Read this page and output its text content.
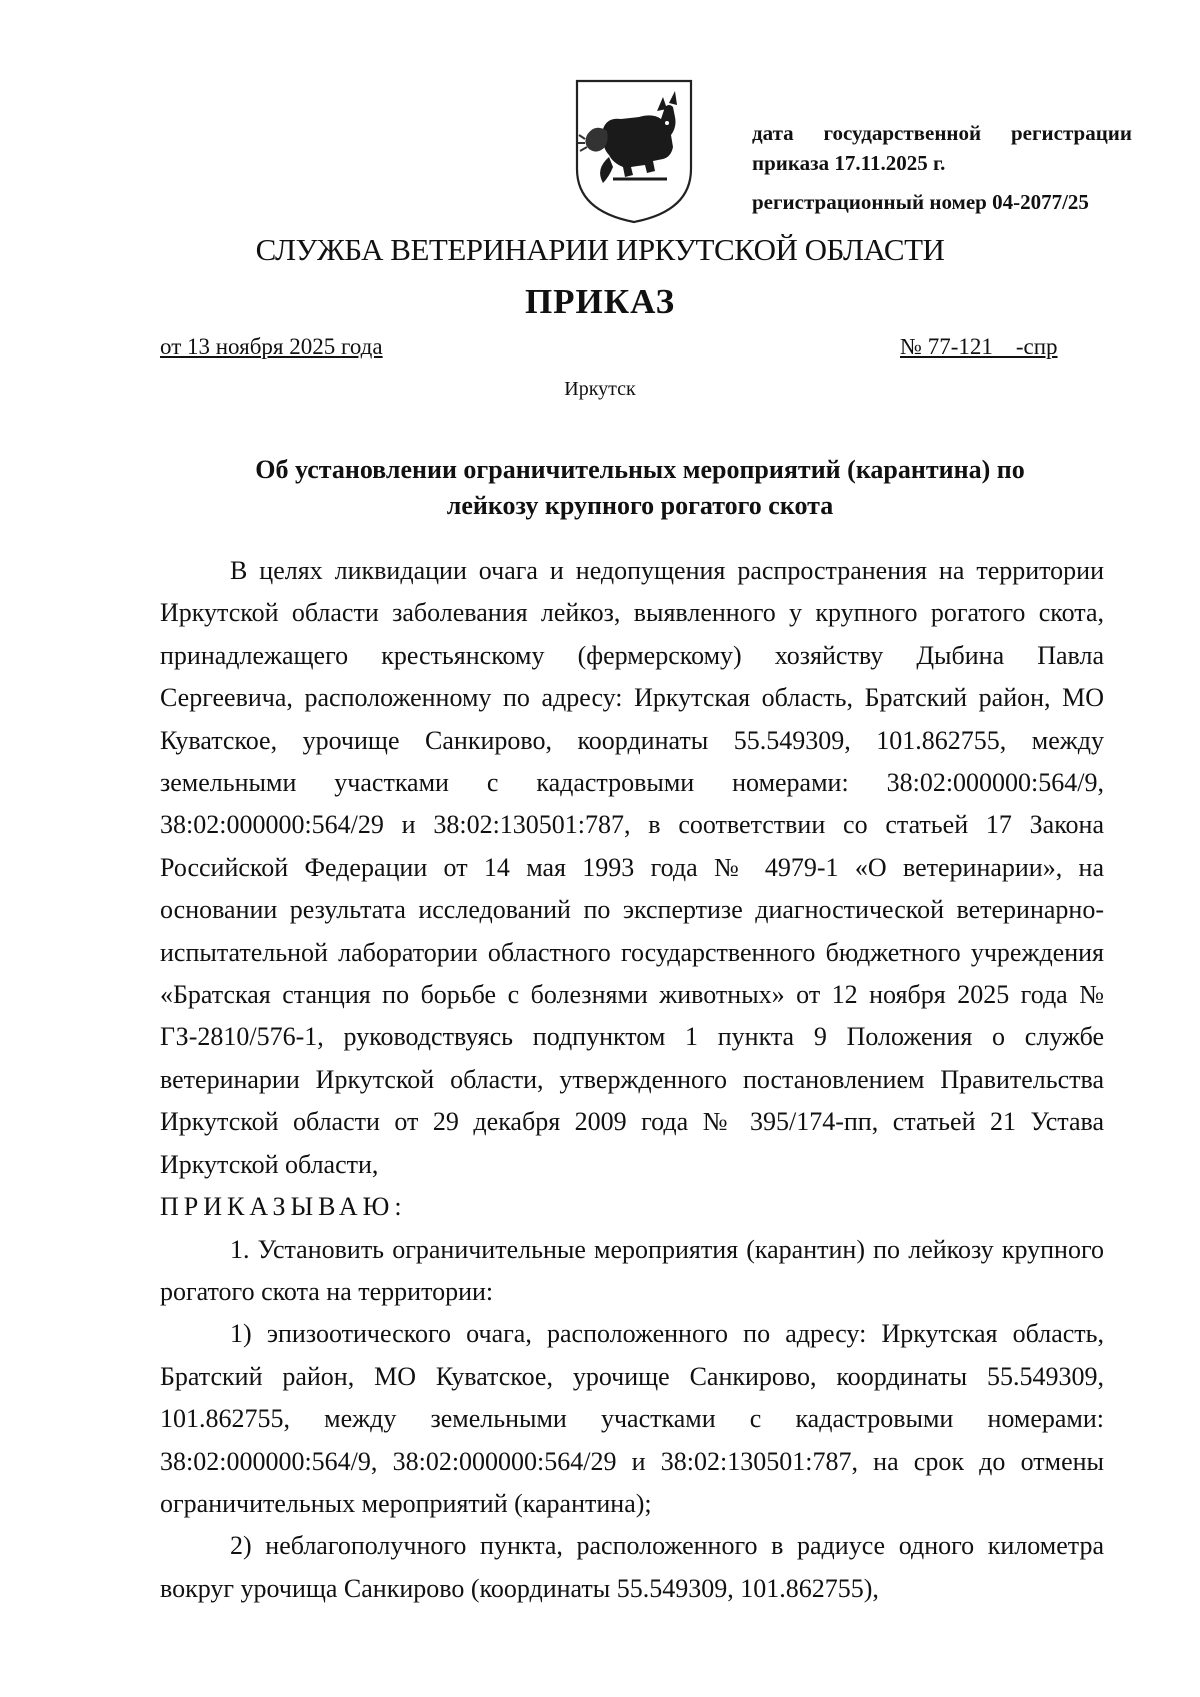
дата государственной регистрации
приказа 17.11.2025 г.
регистрационный номер 04-2077/25
СЛУЖБА ВЕТЕРИНАРИИ ИРКУТСКОЙ ОБЛАСТИ
ПРИКАЗ
от 13 ноября 2025 года	№ 77-121    -спр
Иркутск
Об установлении ограничительных мероприятий (карантина) по
лейкозу крупного рогатого скота

В целях ликвидации очага и недопущения распространения на территории Иркутской области заболевания лейкоз, выявленного у крупного рогатого скота, принадлежащего крестьянскому (фермерскому) хозяйству Дыбина Павла Сергеевича, расположенному по адресу: Иркутская область, Братский район, МО Куватское, урочище Санкирово, координаты 55.549309, 101.862755, между земельными участками с кадастровыми номерами: 38:02:000000:564/9, 38:02:000000:564/29 и 38:02:130501:787, в соответствии со статьей 17 Закона Российской Федерации от 14 мая 1993 года № 4979-1 «О ветеринарии», на основании результата исследований по экспертизе диагностической ветеринарно-испытательной лаборатории областного государственного бюджетного учреждения «Братская станция по борьбе с болезнями животных» от 12 ноября 2025 года № ГЗ-2810/576-1, руководствуясь подпунктом 1 пункта 9 Положения о службе ветеринарии Иркутской области, утвержденного постановлением Правительства Иркутской области от 29 декабря 2009 года № 395/174-пп, статьей 21 Устава Иркутской области,

ПРИКАЗЫВАЮ:

1. Установить ограничительные мероприятия (карантин) по лейкозу крупного рогатого скота на территории:

1) эпизоотического очага, расположенного по адресу: Иркутская область, Братский район, МО Куватское, урочище Санкирово, координаты 55.549309, 101.862755, между земельными участками с кадастровыми номерами: 38:02:000000:564/9, 38:02:000000:564/29 и 38:02:130501:787, на срок до отмены ограничительных мероприятий (карантина);

2) неблагополучного пункта, расположенного в радиусе одного километра вокруг урочища Санкирово (координаты 55.549309, 101.862755),
